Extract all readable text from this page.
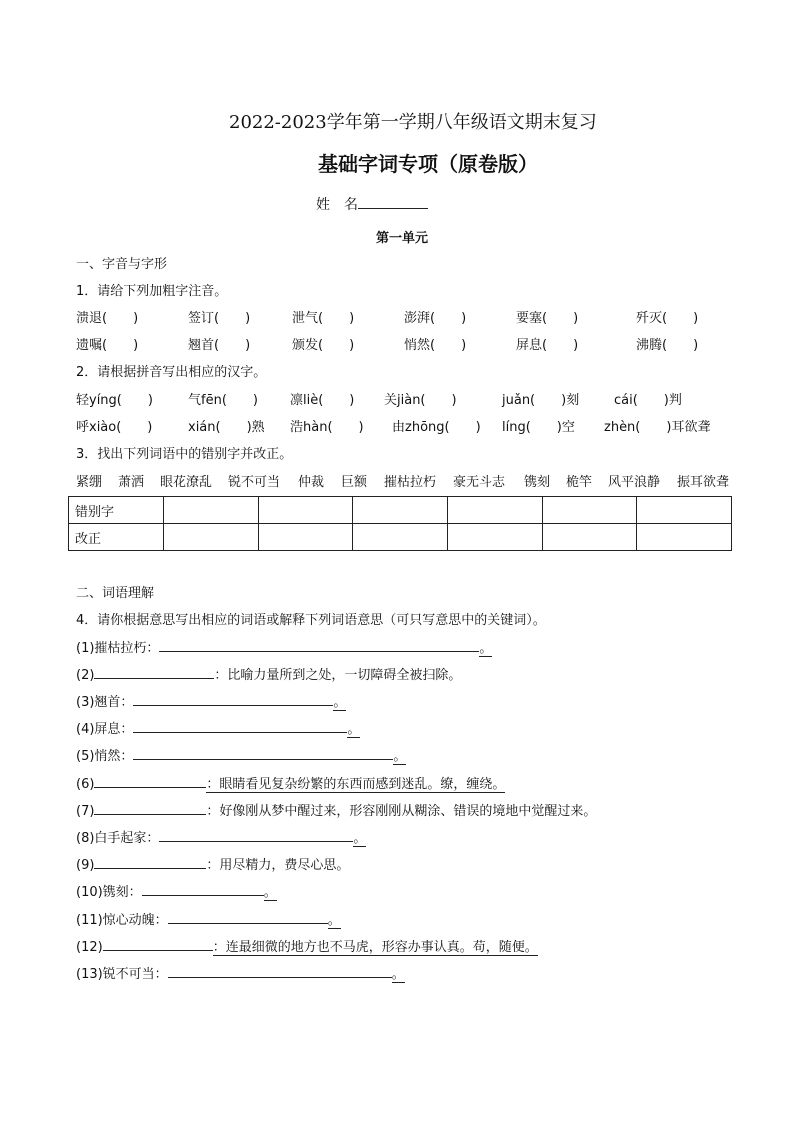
2022-2023学年第一学期八年级语文期末复习
基础字词专项（原卷版）
姓　名
第一单元
一、字音与字形
1．请给下列加粗字注音。
溃退(　　)	签订(　　)	泄气(　　)	澎湃(　　)	要塞(　　)	歼灭(　　)
遗嘱(　　)	翘首(　　)	颁发(　　)	悄然(　　)	屏息(　　)	沸腾(　　)
2．请根据拼音写出相应的汉字。
轻yíng(　　)	气fēn(　　) 凛liè(　　) 关jiàn(　　)	juǎn(　　)刻	cái(　　)判
呼xiào(　　)	xián(　　)熟 浩hàn(　　) 由zhōng(　　) líng(　　)空 zhèn(　　)耳欲聋
3．找出下列词语中的错别字并改正。
紧绷 萧洒 眼花潦乱 锐不可当 仲裁 巨额 摧枯拉朽 豪无斗志 镌刻 桅竿 风平浪静 振耳欲聋
错别字						
改正						
二、词语理解
4．请你根据意思写出相应的词语或解释下列词语意思（可只写意思中的关键词）。
(1)摧枯拉朽：	。
(2)	：比喻力量所到之处，一切障碍全被扫除。
(3)翘首：	。
(4)屏息：	。
(5)悄然：	。
(6)	：眼睛看见复杂纷繁的东西而感到迷乱。缭，缠绕。
(7)	：好像刚从梦中醒过来，形容刚刚从糊涂、错误的境地中觉醒过来。
(8)白手起家：	。
(9)	：用尽精力，费尽心思。
(10)镌刻：	。
(11)惊心动魄：	。
(12)	：连最细微的地方也不马虎，形容办事认真。苟，随便。
(13)锐不可当：	。
